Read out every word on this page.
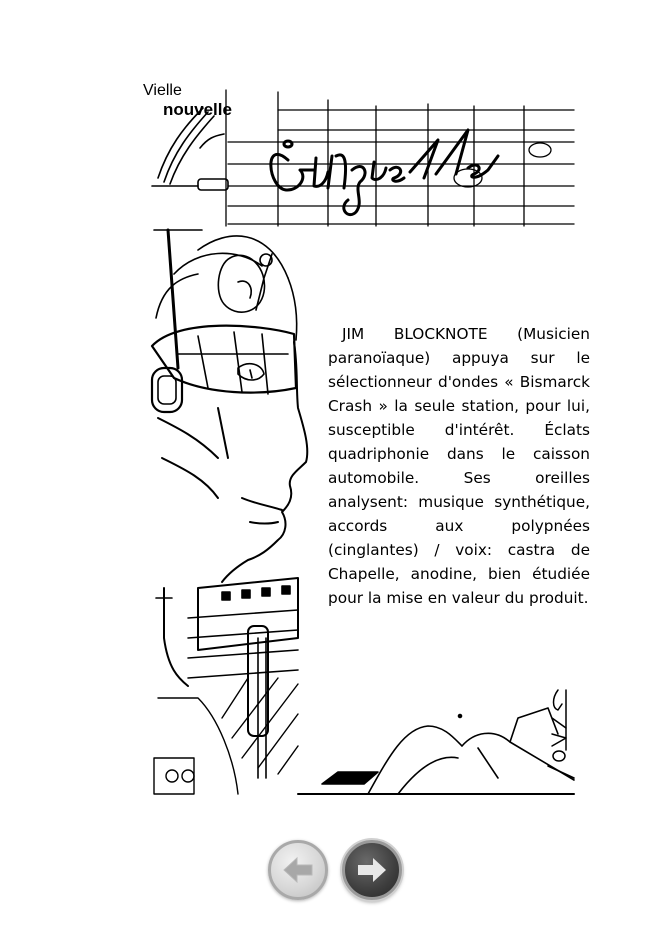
Vielle
nouvelle

JIM BLOCKNOTE (Musicien paranoïaque) appuya sur le sélectionneur d'ondes « Bismarck Crash » la seule station, pour lui, susceptible d'intérêt. Éclats quadriphonie dans le caisson automobile. Ses oreilles analysent: musique synthétique, accords aux polypnées (cinglantes) / voix: castra de Chapelle, anodine, bien étudiée pour la mise en valeur du produit.
